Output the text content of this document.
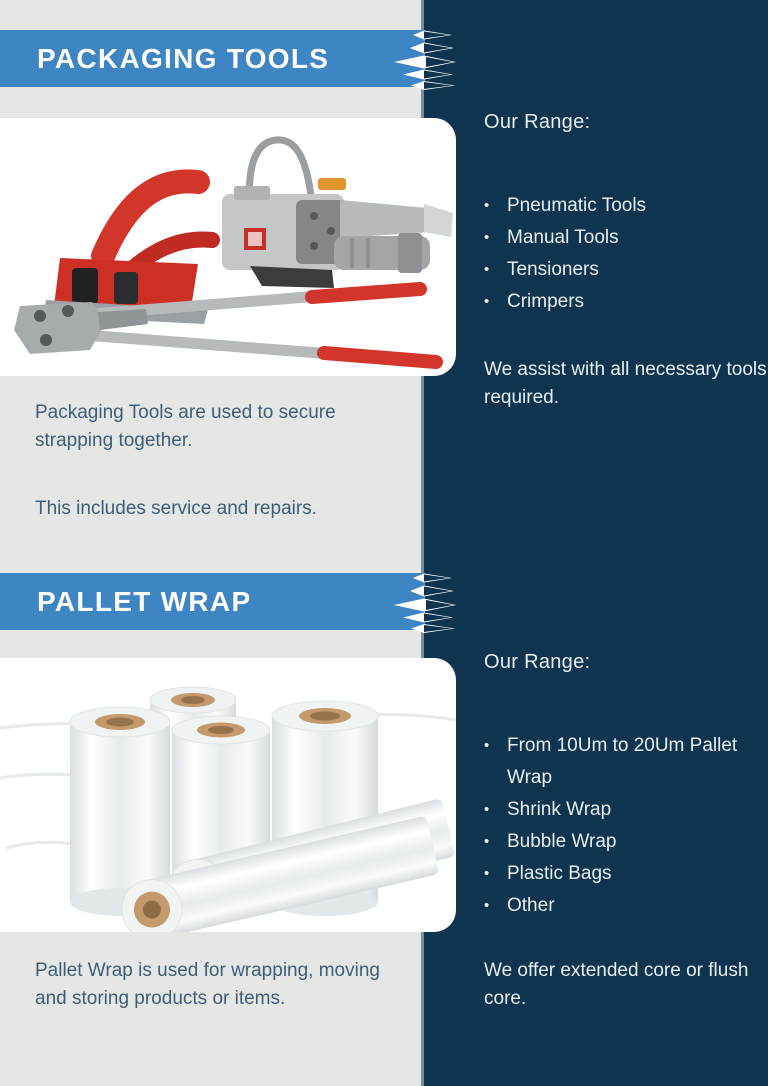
PACKAGING TOOLS

Packaging Tools are used to secure strapping together.

This includes service and repairs.

Our Range:
• Pneumatic Tools
• Manual Tools
• Tensioners
• Crimpers

We assist with all necessary tools required.

PALLET WRAP

Pallet Wrap is used for wrapping, moving and storing products or items.

Our Range:
• From 10Um to 20Um Pallet Wrap
• Shrink Wrap
• Bubble Wrap
• Plastic Bags
• Other

We offer extended core or flush core.
